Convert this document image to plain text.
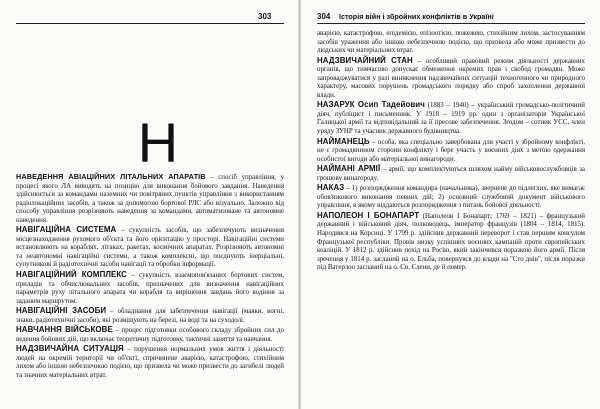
303
Н
НАВЕДЕННЯ АВІАЦІЙНИХ ЛІТАЛЬНИХ АПАРАТІВ – спосіб управління, у процесі якого ЛА виводять на позицію для виконання бойового завдання. Наведення здійснюється за командами наземних чи повітряних пунктів управління з використанням радіолокаційних засобів, а також за допомогою бортової РЛС або візуально. Залежно від способу управління розрізняють наведення за командами, автоматизоване та автономне наведення.
НАВІГАЦІЙНА СИСТЕМА – сукупність засобів, що забезпечують визначення місцезнаходження рухомого об'єкта та його орієнтацію у просторі. Навігаційні системи встановлюють на кораблях, літаках, ракетах, космічних апаратах. Розрізняють автономні та неавтономні навігаційні системи, а також комплексні, що поєднують інерціальні, супутникові й радіотехнічні засоби навігації та обробки інформації.
НАВІГАЦІЙНИЙ КОМПЛЕКС – сукупність взаємопов'язаних бортових систем, приладів та обчислювальних засобів, призначених для визначення навігаційних параметрів руху літального апарата чи корабля та вирішення завдань його водіння за заданим маршрутом.
НАВІГАЦІЙНІ ЗАСОБИ – обладнання для забезпечення навігації (маяки, вогні, знаки, радіотехнічні засоби), які розміщують на березі, на воді та на суходолі.
НАВЧАННЯ ВІЙСЬКОВЕ – процес підготовки особового складу збройних сил до ведення бойових дій, що включає теоретичну підготовку, тактичні заняття та навчання.
НАДЗВИЧАЙНА СИТУАЦІЯ – порушення нормальних умов життя і діяльності людей на окремій території чи об'єкті, спричинене аварією, катастрофою, стихійним лихом або іншою небезпечною подією, що призвела чи може призвести до загибелі людей та значних матеріальних втрат.
304 Історія війн і збройних конфліктів в Україні

аварією, катастрофою, епідемією, епізоотією, пожежею, стихійним лихом, застосуванням засобів ураження або іншою небезпечною подією, що призвела або може призвести до людських чи матеріальних втрат.

НАДЗВИЧАЙНИЙ СТАН – особливий правовий режим діяльності державних органів, що тимчасово допускає обмеження окремих прав і свобод громадян. Може запроваджуватися у разі виникнення надзвичайних ситуацій техногенного чи природного характеру, масових порушень громадського порядку або спроб захоплення державної влади.
НАЗАРУК Осип Тадейович (1883 – 1940) – український громадсько-політичний діяч, публіцист і письменник. У 1918 – 1919 рр. один з організаторів Української Галицької армії та відповідальний за її пресове забезпечення. Згодом – сотник УСС, член уряду ЗУНР та учасник державного будівництва.
НАЙМАНЕЦЬ – особа, яка спеціально завербована для участі у збройному конфлікті, не є громадянином сторони конфлікту і бере участь у воєнних діях з метою одержання особистої вигоди або матеріальної винагороди.
НАЙМАНІ АРМІЇ – армії, що комплектуються шляхом найму військовослужбовців за грошову винагороду.
НАКАЗ – 1) розпорядження командира (начальника), звернене до підлеглих, яке вимагає обов'язкового виконання певних дій; 2) основний службовий документ військового управління, в якому віддаються розпорядження з питань бойової діяльності.
НАПОЛЕОН I БОНАПАРТ (Наполеон I Бонапарт; 1769 – 1821) – французький державний і військовий діяч, полководець, імператор французів (1804 – 1814, 1815). Народився на Корсиці. У 1799 р. здійснив державний переворот і став першим консулом Французької республіки. Провів низку успішних воєнних кампаній проти європейських коаліцій. У 1812 р. здійснив похід на Росію, який закінчився поразкою його армії. Після зречення у 1814 р. засланий на о. Ельба, повернувся до влади на "Сто днів", після поразки під Ватерлоо засланий на о. Св. Єлени, де й помер.
